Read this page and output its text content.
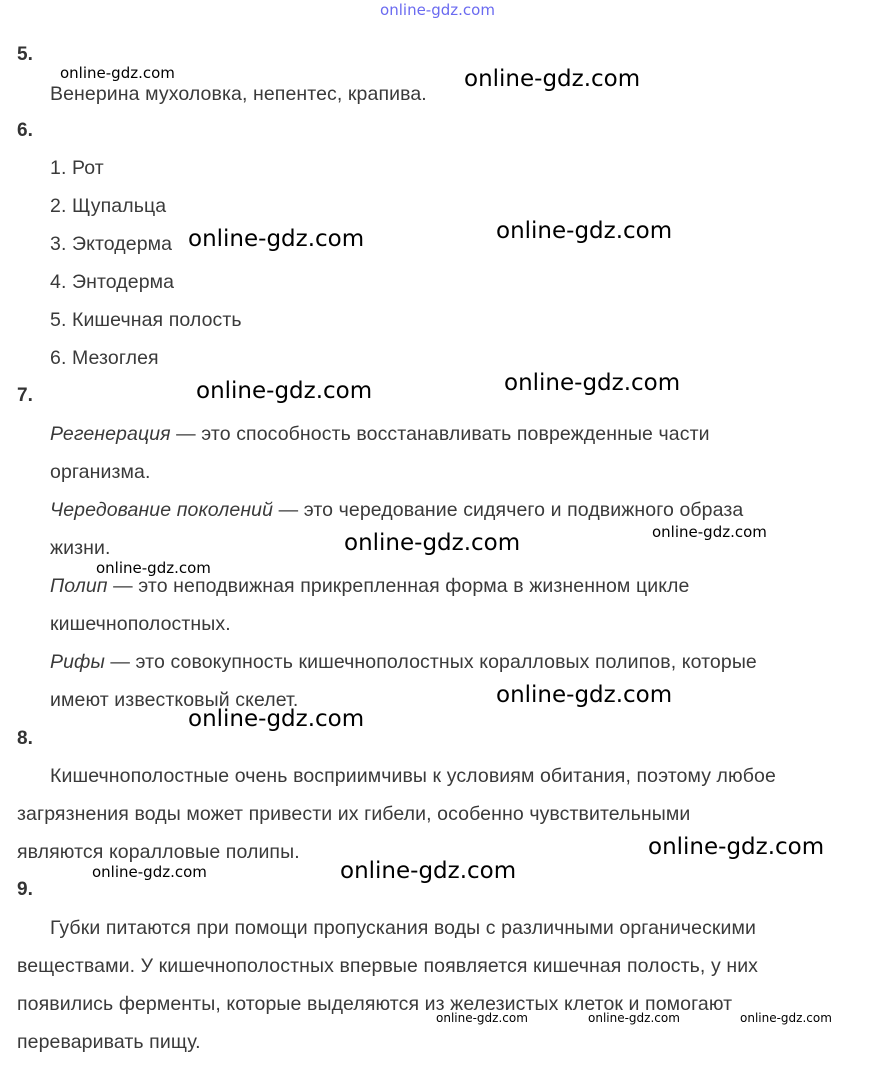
online-gdz.com
5.
Венерина мухоловка, непентес, крапива.
6.
1. Рот
2. Щупальца
3. Эктодерма
4. Энтодерма
5. Кишечная полость
6. Мезоглея
7.
Регенерация — это способность восстанавливать поврежденные части
организма.
Чередование поколений — это чередование сидячего и подвижного образа
жизни.
Полип — это неподвижная прикрепленная форма в жизненном цикле
кишечнополостных.
Рифы — это совокупность кишечнополостных коралловых полипов, которые
имеют известковый скелет.
8.
Кишечнополостные очень восприимчивы к условиям обитания, поэтому любое
загрязнения воды может привести их гибели, особенно чувствительными
являются коралловые полипы.
9.
Губки питаются при помощи пропускания воды с различными органическими
веществами. У кишечнополостных впервые появляется кишечная полость, у них
появились ферменты, которые выделяются из железистых клеток и помогают
переваривать пищу.
online-gdz.com	online-gdz.com
online-gdz.com	online-gdz.com
online-gdz.com	online-gdz.com
online-gdz.com
online-gdz.com
online-gdz.com
online-gdz.com
online-gdz.com
online-gdz.com
online-gdz.com	online-gdz.com
online-gdz.com	online-gdz.com	online-gdz.com
